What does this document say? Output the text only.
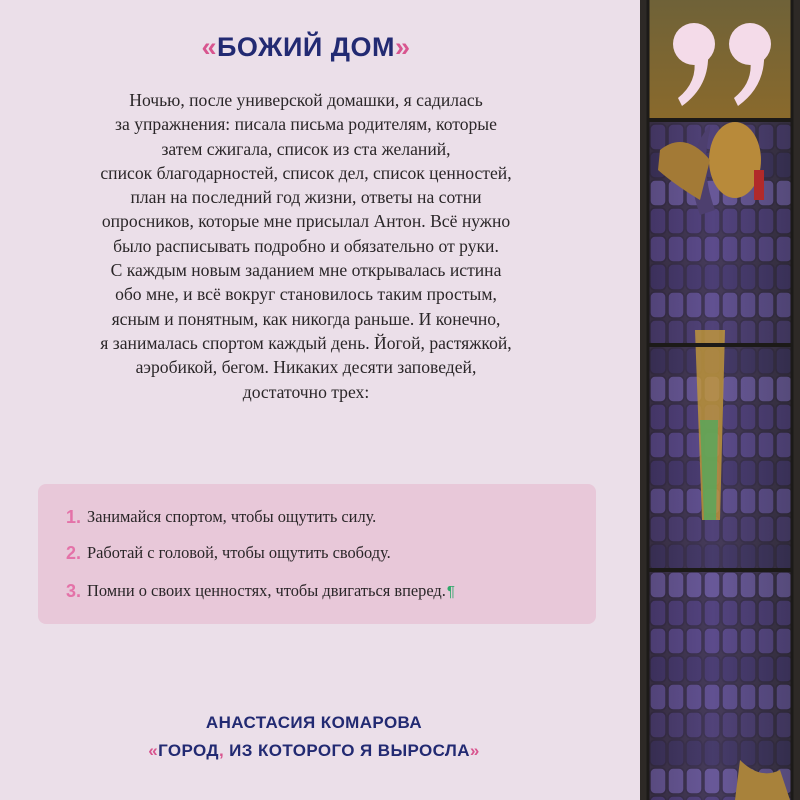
«БОЖИЙ ДОМ»
Ночью, после универской домашки, я садилась
за упражнения: писала письма родителям, которые
затем сжигала, список из ста желаний,
список благодарностей, список дел, список ценностей,
план на последний год жизни, ответы на сотни
опросников, которые мне присылал Антон. Всё нужно
было расписывать подробно и обязательно от руки.
С каждым новым заданием мне открывалась истина
обо мне, и всё вокруг становилось таким простым,
ясным и понятным, как никогда раньше. И конечно,
я занималась спортом каждый день. Йогой, растяжкой,
аэробикой, бегом. Никаких десяти заповедей,
достаточно трех:
1. Занимайся спортом, чтобы ощутить силу.
2. Работай с головой, чтобы ощутить свободу.
3. Помни о своих ценностях, чтобы двигаться вперед. ¶
АНАСТАСИЯ КОМАРОВА
«ГОРОД, ИЗ КОТОРОГО Я ВЫРОСЛА»
